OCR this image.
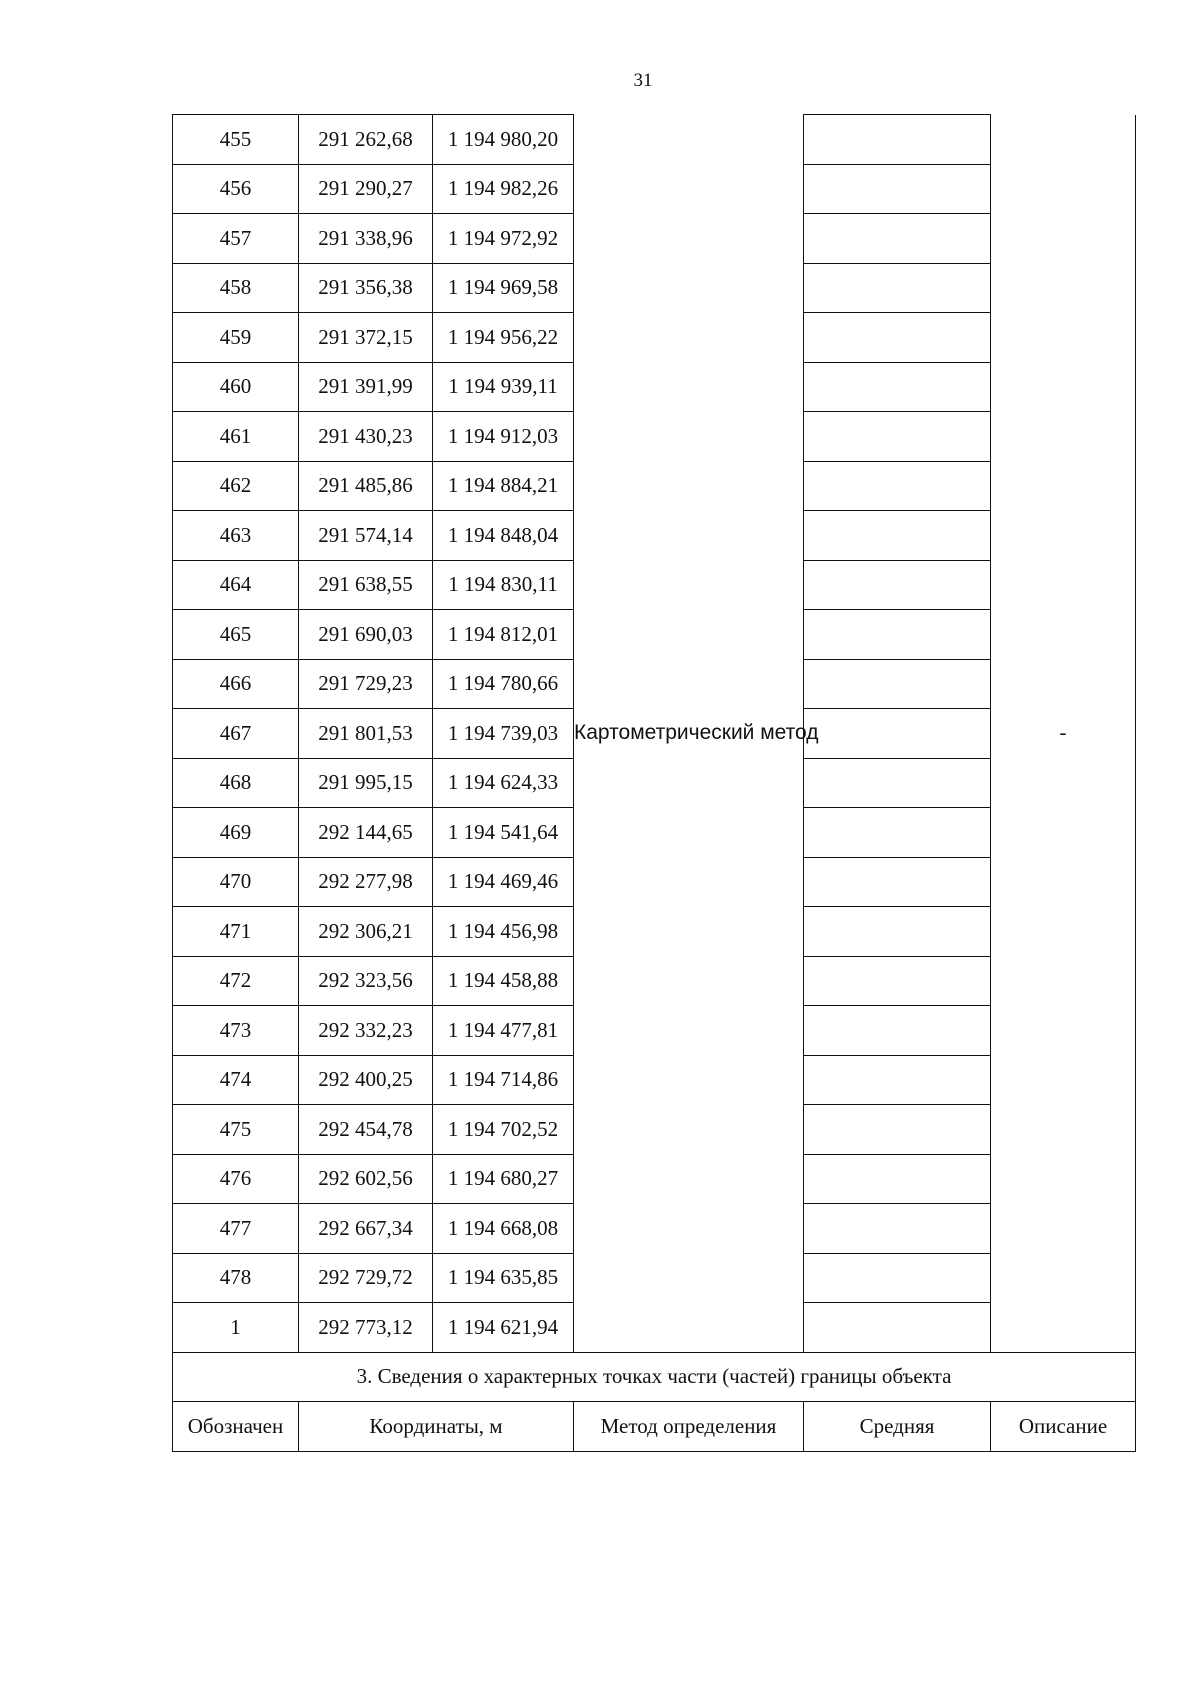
31
455	291 262,68	1 194 980,20	Картометрический метод		-
456	291 290,27	1 194 982,26			
457	291 338,96	1 194 972,92			
458	291 356,38	1 194 969,58			
459	291 372,15	1 194 956,22			
460	291 391,99	1 194 939,11			
461	291 430,23	1 194 912,03			
462	291 485,86	1 194 884,21			
463	291 574,14	1 194 848,04			
464	291 638,55	1 194 830,11			
465	291 690,03	1 194 812,01			
466	291 729,23	1 194 780,66			
467	291 801,53	1 194 739,03			
468	291 995,15	1 194 624,33			
469	292 144,65	1 194 541,64			
470	292 277,98	1 194 469,46			
471	292 306,21	1 194 456,98			
472	292 323,56	1 194 458,88			
473	292 332,23	1 194 477,81			
474	292 400,25	1 194 714,86			
475	292 454,78	1 194 702,52			
476	292 602,56	1 194 680,27			
477	292 667,34	1 194 668,08			
478	292 729,72	1 194 635,85			
1	292 773,12	1 194 621,94			
3. Сведения о характерных точках части (частей) границы объекта					
Обозначен	Координаты, м		Метод определения	Средняя	Описание
